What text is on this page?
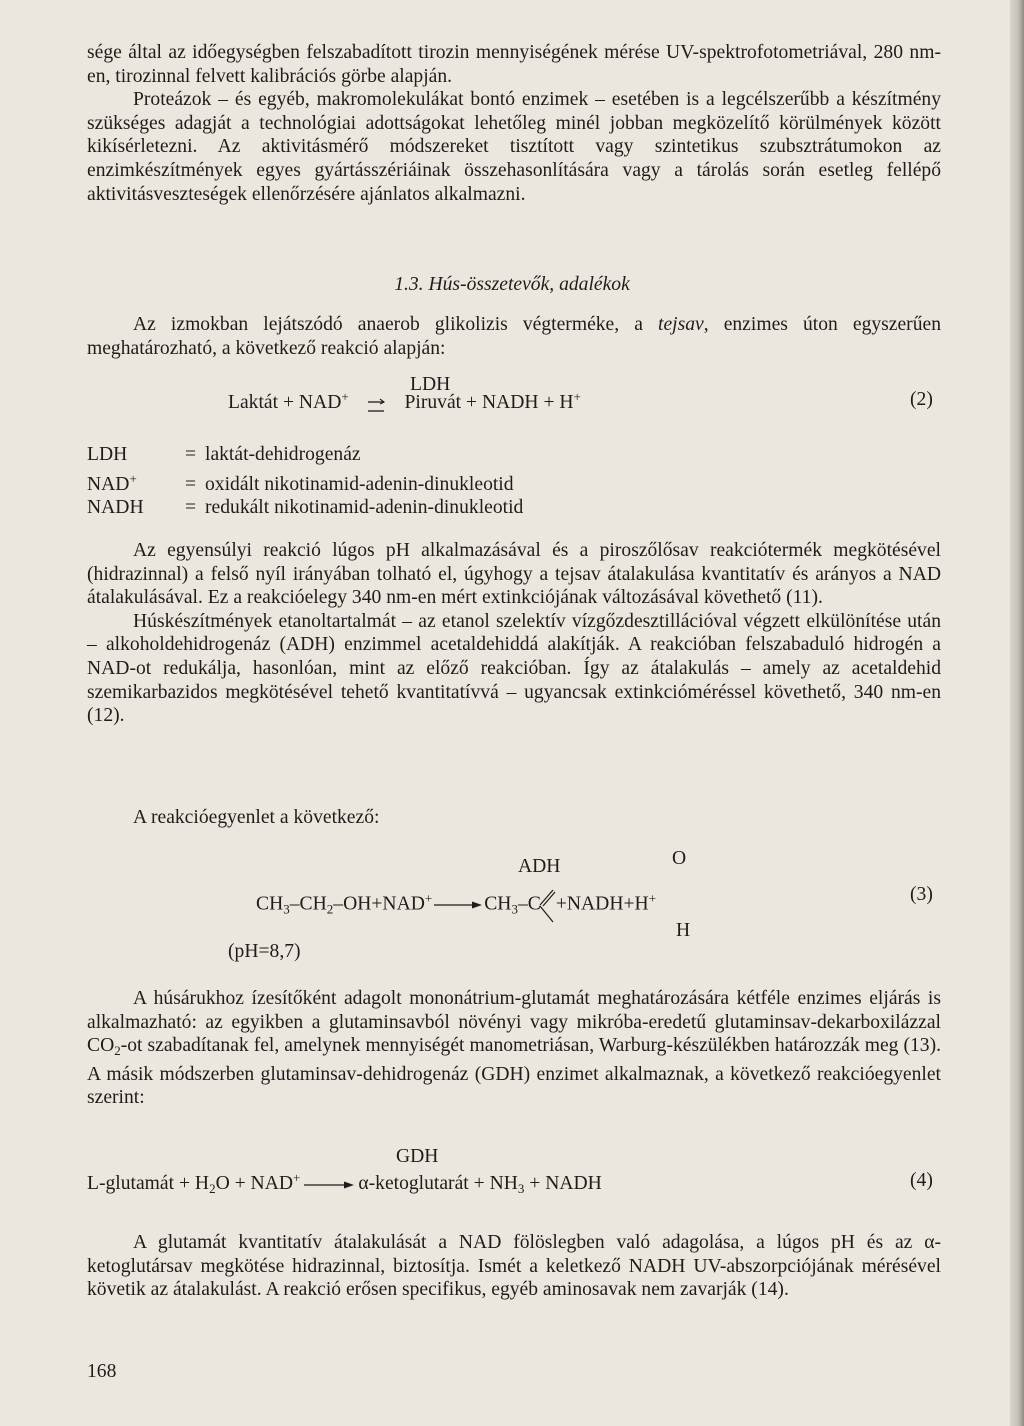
sége által az időegységben felszabadított tirozin mennyiségének mérése UV-spektrofotometriával, 280 nm-en, tirozinnal felvett kalibrációs görbe alapján.

Proteázok – és egyéb, makromolekulákat bontó enzimek – esetében is a legcélszerűbb a készítmény szükséges adagját a technológiai adottságokat lehetőleg minél jobban megközelítő körülmények között kikísérletezni. Az aktivitásmérő módszereket tisztított vagy szintetikus szubsztrátumokon az enzimkészítmények egyes gyártásszériáinak összehasonlítására vagy a tárolás során esetleg fellépő aktivitásveszteségek ellenőrzésére ajánlatos alkalmazni.

1.3. Hús-összetevők, adalékok

Az izmokban lejátszódó anaerob glikolizis végterméke, a tejsav, enzimes úton egyszerűen meghatározható, a következő reakció alapján:

LDH
Laktát + NAD+	Piruvát + NADH + H+	(2)
LDH	= laktát-dehidrogenáz
NAD+ = oxidált nikotinamid-adenin-dinukleotid
NADH = redukált nikotinamid-adenin-dinukleotid

Az egyensúlyi reakció lúgos pH alkalmazásával és a piroszőlősav reakciótermék megkötésével (hidrazinnal) a felső nyíl irányában tolható el, úgyhogy a tejsav átalakulása kvantitatív és arányos a NAD átalakulásával. Ez a reakcióelegy 340 nm-en mért extinkciójának változásával követhető (11).

Húskészítmények etanoltartalmát – az etanol szelektív vízgőzdesztillációval végzett elkülönítése után – alkoholdehidrogenáz (ADH) enzimmel acetaldehiddá alakítják. A reakcióban felszabaduló hidrogén a NAD-ot redukálja, hasonlóan, mint az előző reakcióban. Így az átalakulás – amely az acetaldehid szemikarbazidos megkötésével tehető kvantitatívvá – ugyancsak extinkcióméréssel követhető, 340 nm-en (12).

A reakcióegyenlet a következő:

ADH	O
$CH_3-CH_2-OH+NAD^+\to CH_3-C$ +NADH+H+
H
(pH=8,7)
(3)

A húsárukhoz ízesítőként adagolt mononátrium-glutamát meghatározására kétféle enzimes eljárás is alkalmazható: az egyikben a glutaminsavból növényi vagy mikróba-eredetű glutaminsav-dekarboxilázzal $CO_2-ot$ szabadítanak fel, amelynek mennyiségét manometriásan, Warburg-készülékben határozzák meg (13). A másik módszerben glutaminsav-dehidrogenáz (GDH) enzimet alkalmaznak, a következő reakcióegyenlet szerint:

GDH
L-glutamát + $H_2O$ + NAD+→α-ketoglutarát + $NH_3$ + NADH	(4)

A glutamát kvantitatív átalakulását a NAD fölöslegben való adagolása, a lúgos pH és az α-ketoglutársav megkötése hidrazinnal, biztosítja. Ismét a keletkező NADH UV-abszorpciójának mérésével követik az átalakulást. A reakció erősen specifikus, egyéb aminosavak nem zavarják (14).

168
